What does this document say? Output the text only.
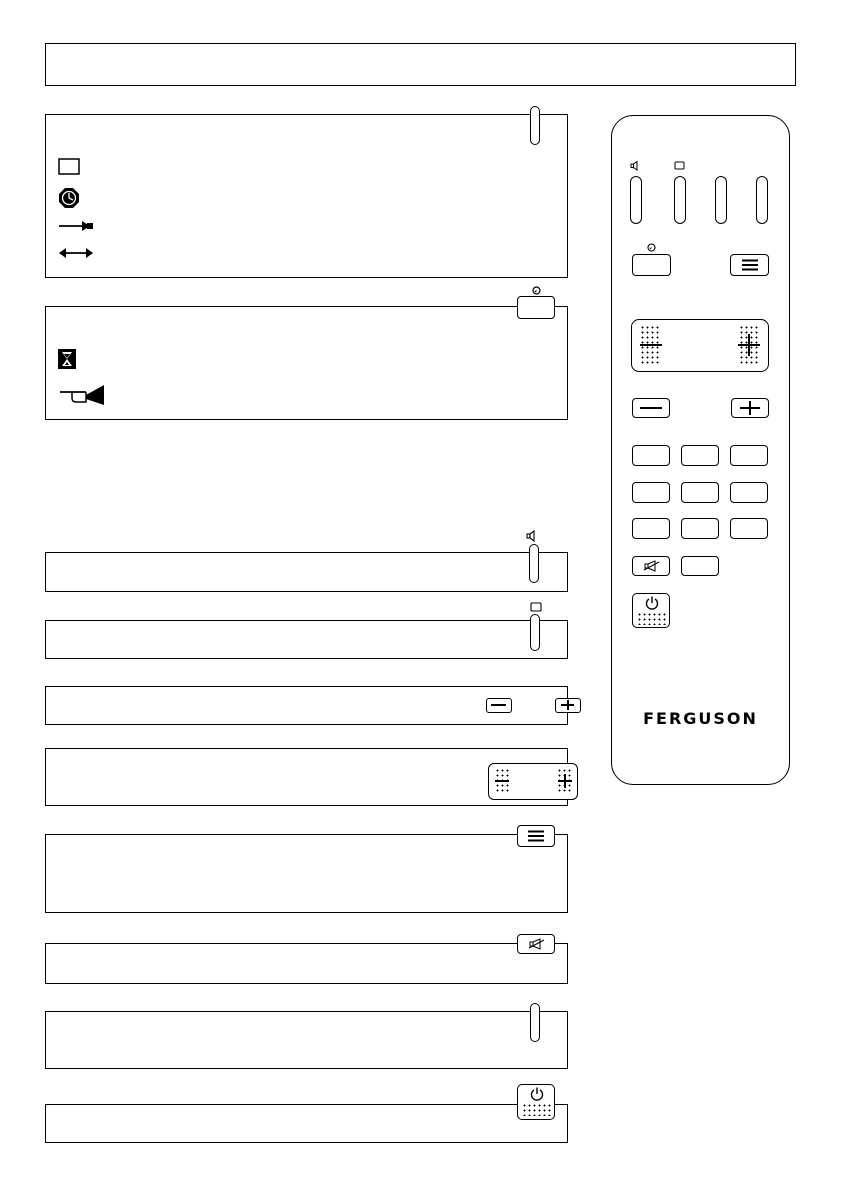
FERGUSON
